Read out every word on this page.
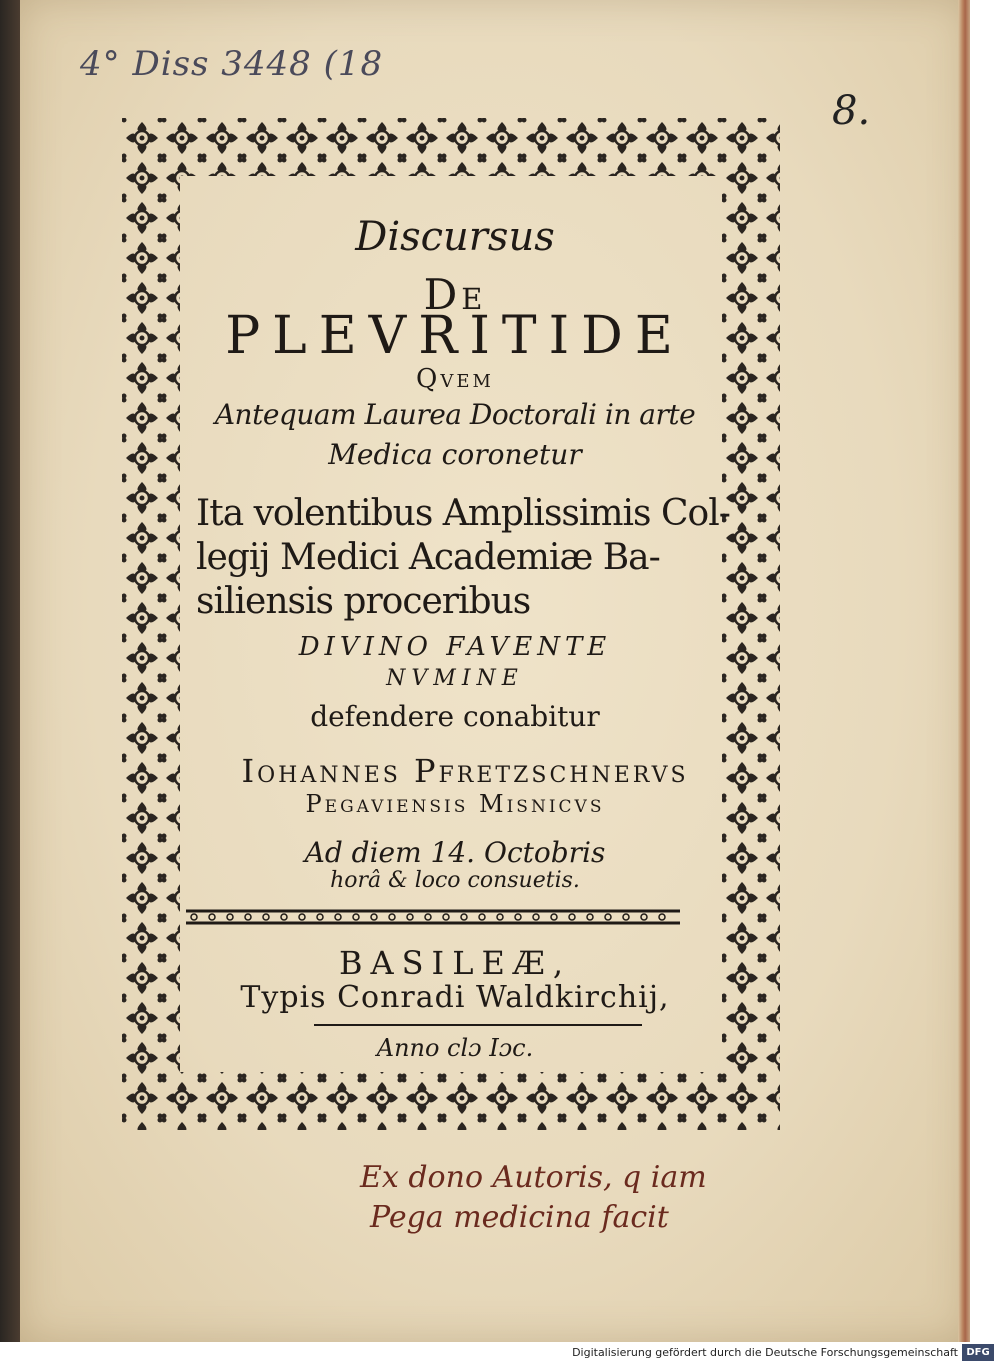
4° Diss 3448 (18
8.
Discursus
De
PLEVRITIDE
Qvem
Antequam Laurea Doctorali in arte
Medica coronetur
Ita volentibus Amplissimis Col-
legij Medici Academiæ Ba-
siliensis proceribus
DIVINO FAVENTE
NVMINE
defendere conabitur
Iohannes Pfretzschnervs
Pegaviensis Misnicvs
Ad diem 14. Octobris
horâ & loco consuetis.
BASILEÆ,
Typis Conradi Waldkirchij,
Anno clɔ Iɔc.
Ex dono Autoris, q iam
Pega medicina facit
Digitalisierung gefördert durch die Deutsche Forschungsgemeinschaft DFG
